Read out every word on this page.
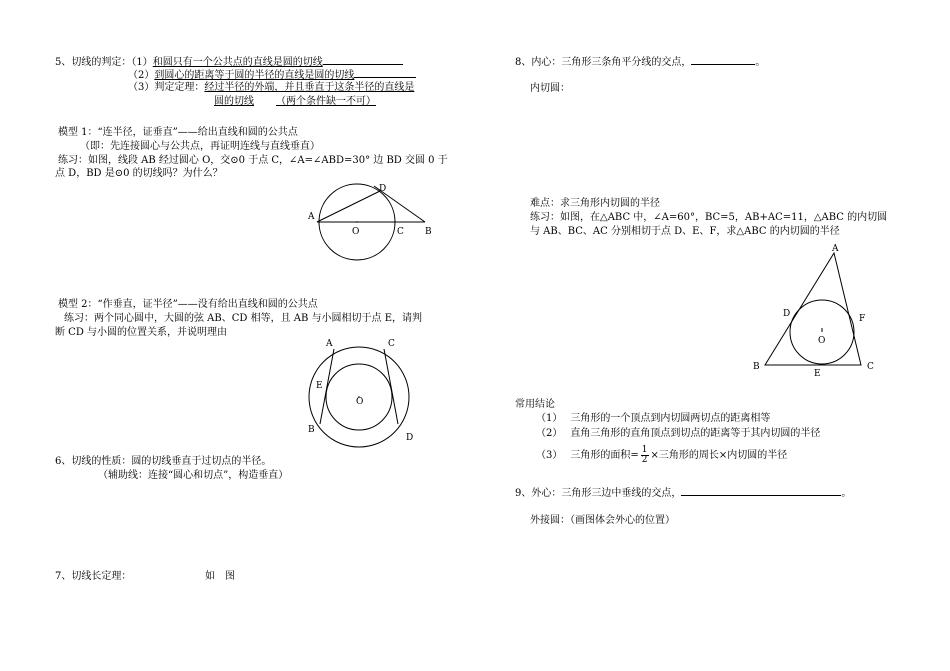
5、切线的判定：（1）和圆只有一个公共点的直线是圆的切线
（2）到圆心的距离等于圆的半径的直线是圆的切线
（3）判定定理：经过半径的外端，并且垂直于这条半径的直线是
圆的切线 （两个条件缺一不可）
模型 1：“连半径，证垂直”——给出直线和圆的公共点
（即：先连接圆心与公共点，再证明连线与直线垂直）
练习：如图，线段 AB 经过圆心 O，交⊙0 于点 C，∠A=∠ABD=30° 边 BD 交圆 0 于
点 D，BD 是⊙0 的切线吗？为什么？
A
O	C B
D
模型 2：“作垂直，证半径”——没有给出直线和圆的公共点
练习：两个同心圆中，大圆的弦 AB、CD 相等，且 AB 与小圆相切于点 E，请判
断 CD 与小圆的位置关系，并说明理由
A	C
E
O
B
D
6、切线的性质：圆的切线垂直于过切点的半径。
（辅助线：连接“圆心和切点”，构造垂直）
7、切线长定理：	如　图
8、内心：三角形三条角平分线的交点，	。
内切圆：
难点：求三角形内切圆的半径
练习：如图，在△ABC 中，∠A=60°，BC=5，AB+AC=11，△ABC 的内切圆
与 AB、BC、AC 分别相切于点 D、E、F，求△ABC 的内切圆的半径
A
D	F
O
B
E
C
常用结论
（1） 三角形的一个顶点到内切圆两切点的距离相等
（2） 直角三角形的直角顶点到切点的距离等于其内切圆的半径
（3） 三角形的面积= $\frac{1}{2}$ ×三角形的周长×内切圆的半径
9、外心：三角形三边中垂线的交点，	。
外接圆：（画图体会外心的位置）
